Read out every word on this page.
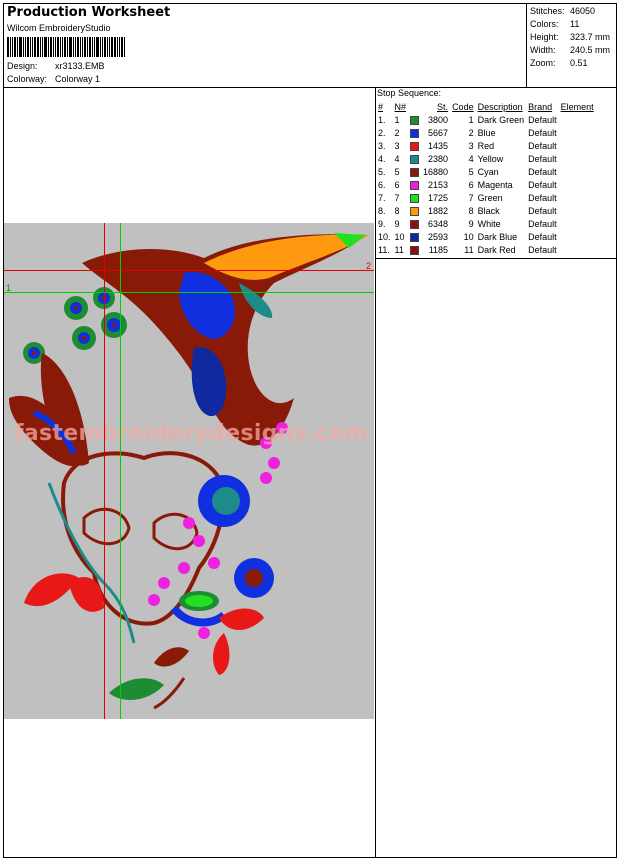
Production Worksheet
Wilcom EmbroideryStudio
Design: xr3133.EMB
Colorway: Colorway 1
Stitches: 46050
Colors: 11
Height: 323.7 mm
Width: 240.5 mm
Zoom: 0.51
Stop Sequence:
#	N#		St.	Code	Description	Brand	Element
1.	1		3800	1	Dark Green	Default	
2.	2		5667	2	Blue	Default	
3.	3		1435	3	Red	Default	
4.	4		2380	4	Yellow	Default	
5.	5		16880	5	Cyan	Default	
6.	6		2153	6	Magenta	Default	
7.	7		1725	7	Green	Default	
8.	8		1882	8	Black	Default	
9.	9		6348	9	White	Default	
10.	10		2593	10	Dark Blue	Default	
11.	11		1185	11	Dark Red	Default	
fastembroiderydesigns.com
2
1
